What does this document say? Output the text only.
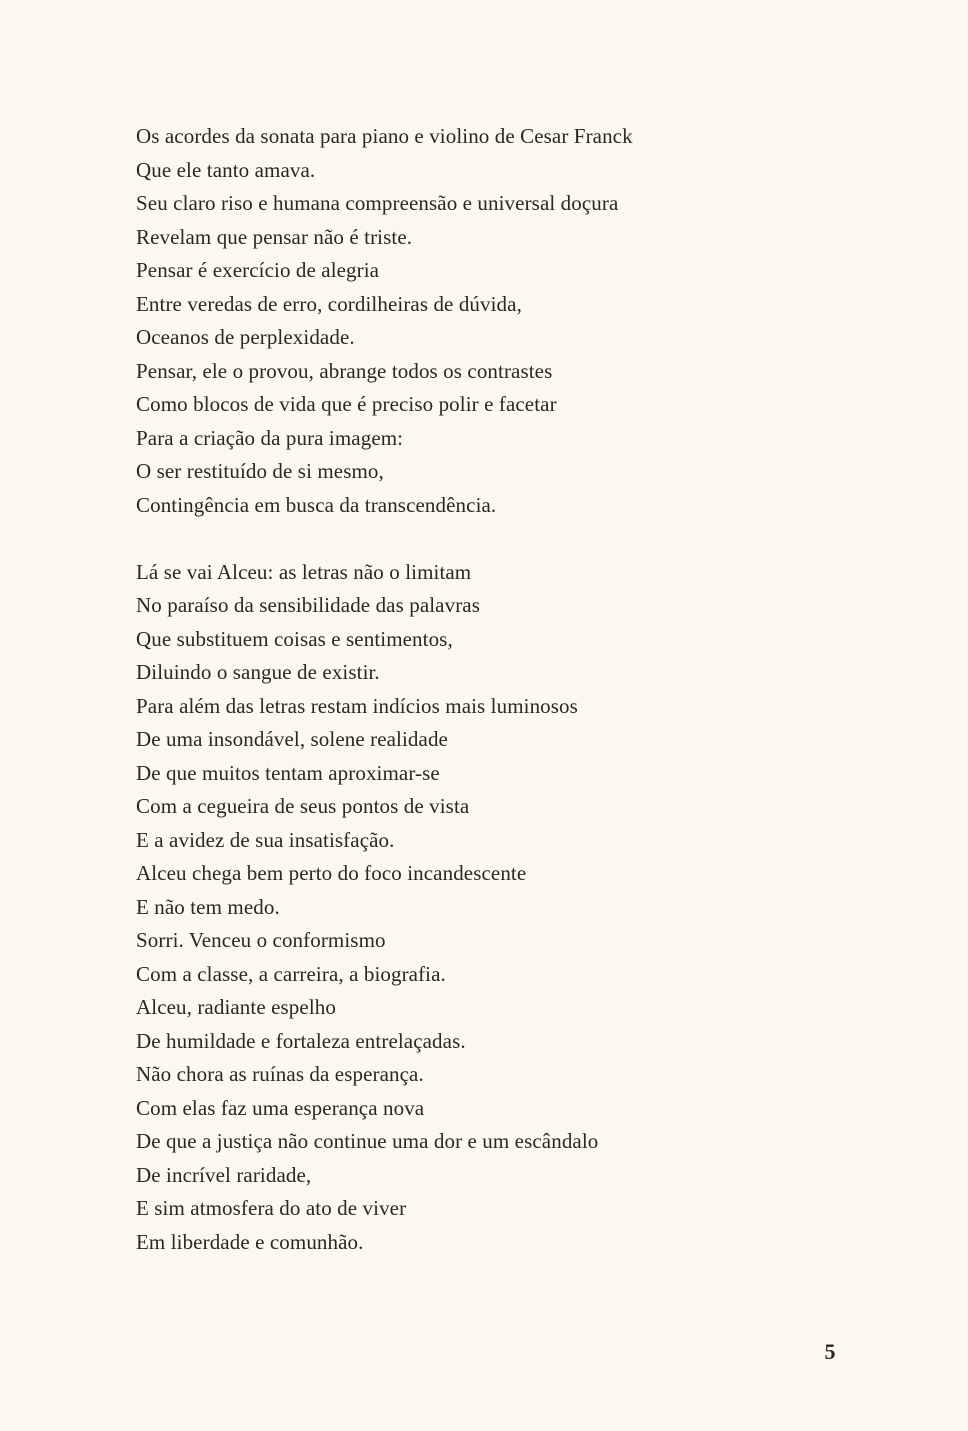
Os acordes da sonata para piano e violino de Cesar Franck
Que ele tanto amava.
Seu claro riso e humana compreensão e universal doçura
Revelam que pensar não é triste.
Pensar é exercício de alegria
Entre veredas de erro, cordilheiras de dúvida,
Oceanos de perplexidade.
Pensar, ele o provou, abrange todos os contrastes
Como blocos de vida que é preciso polir e facetar
Para a criação da pura imagem:
O ser restituído de si mesmo,
Contingência em busca da transcendência.
Lá se vai Alceu: as letras não o limitam
No paraíso da sensibilidade das palavras
Que substituem coisas e sentimentos,
Diluindo o sangue de existir.
Para além das letras restam indícios mais luminosos
De uma insondável, solene realidade
De que muitos tentam aproximar-se
Com a cegueira de seus pontos de vista
E a avidez de sua insatisfação.
Alceu chega bem perto do foco incandescente
E não tem medo.
Sorri. Venceu o conformismo
Com a classe, a carreira, a biografia.
Alceu, radiante espelho
De humildade e fortaleza entrelaçadas.
Não chora as ruínas da esperança.
Com elas faz uma esperança nova
De que a justiça não continue uma dor e um escândalo
De incrível raridade,
E sim atmosfera do ato de viver
Em liberdade e comunhão.
5
